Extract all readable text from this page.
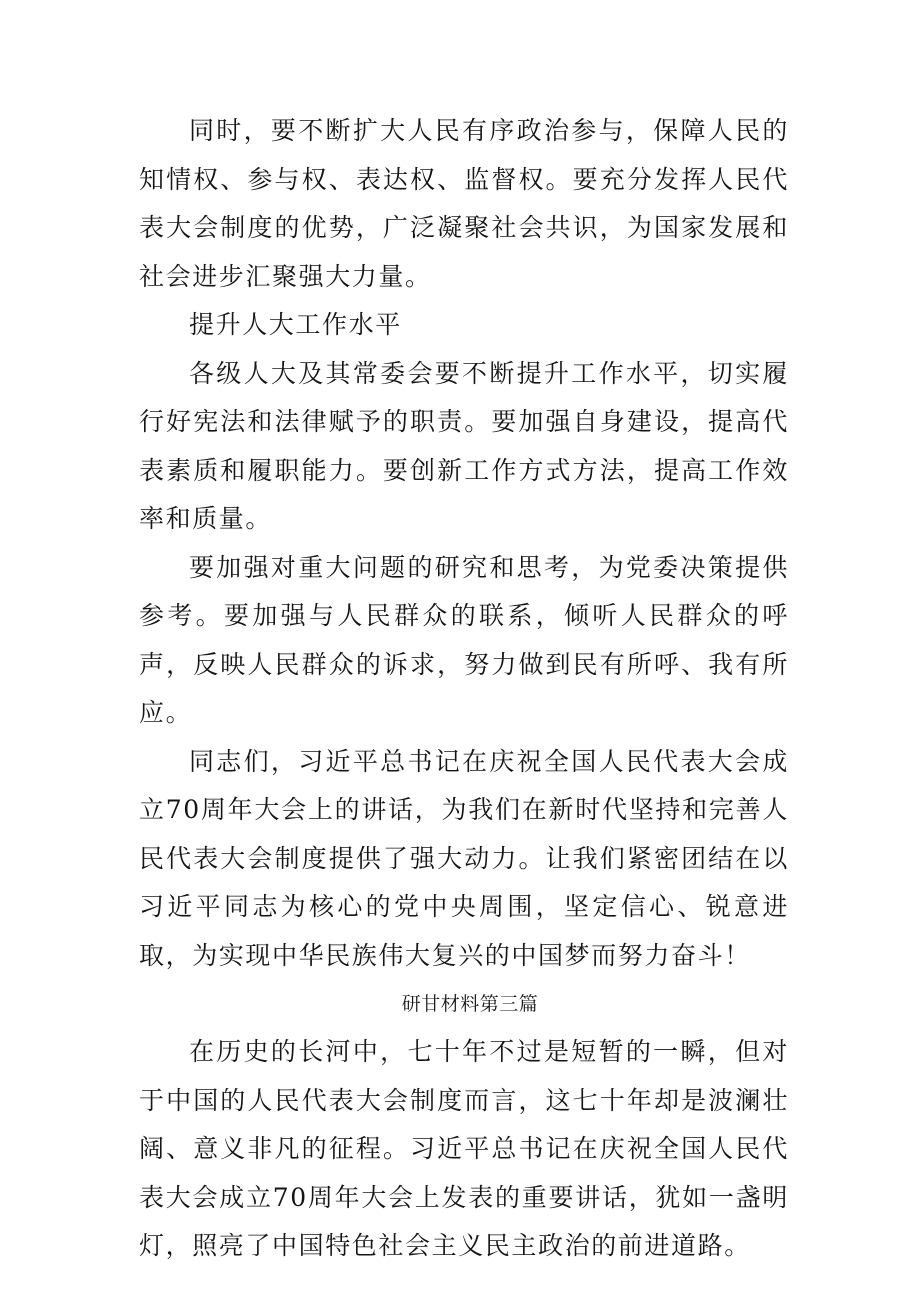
同时，要不断扩大人民有序政治参与，保障人民的知情权、参与权、表达权、监督权。要充分发挥人民代表大会制度的优势，广泛凝聚社会共识，为国家发展和社会进步汇聚强大力量。

提升人大工作水平

各级人大及其常委会要不断提升工作水平，切实履行好宪法和法律赋予的职责。要加强自身建设，提高代表素质和履职能力。要创新工作方式方法，提高工作效率和质量。

要加强对重大问题的研究和思考，为党委决策提供参考。要加强与人民群众的联系，倾听人民群众的呼声，反映人民群众的诉求，努力做到民有所呼、我有所应。

同志们，习近平总书记在庆祝全国人民代表大会成立70周年大会上的讲话，为我们在新时代坚持和完善人民代表大会制度提供了强大动力。让我们紧密团结在以习近平同志为核心的党中央周围，坚定信心、锐意进取，为实现中华民族伟大复兴的中国梦而努力奋斗！

研甘材料第三篇

在历史的长河中，七十年不过是短暂的一瞬，但对于中国的人民代表大会制度而言，这七十年却是波澜壮阔、意义非凡的征程。习近平总书记在庆祝全国人民代表大会成立70周年大会上发表的重要讲话，犹如一盏明灯，照亮了中国特色社会主义民主政治的前进道路。
